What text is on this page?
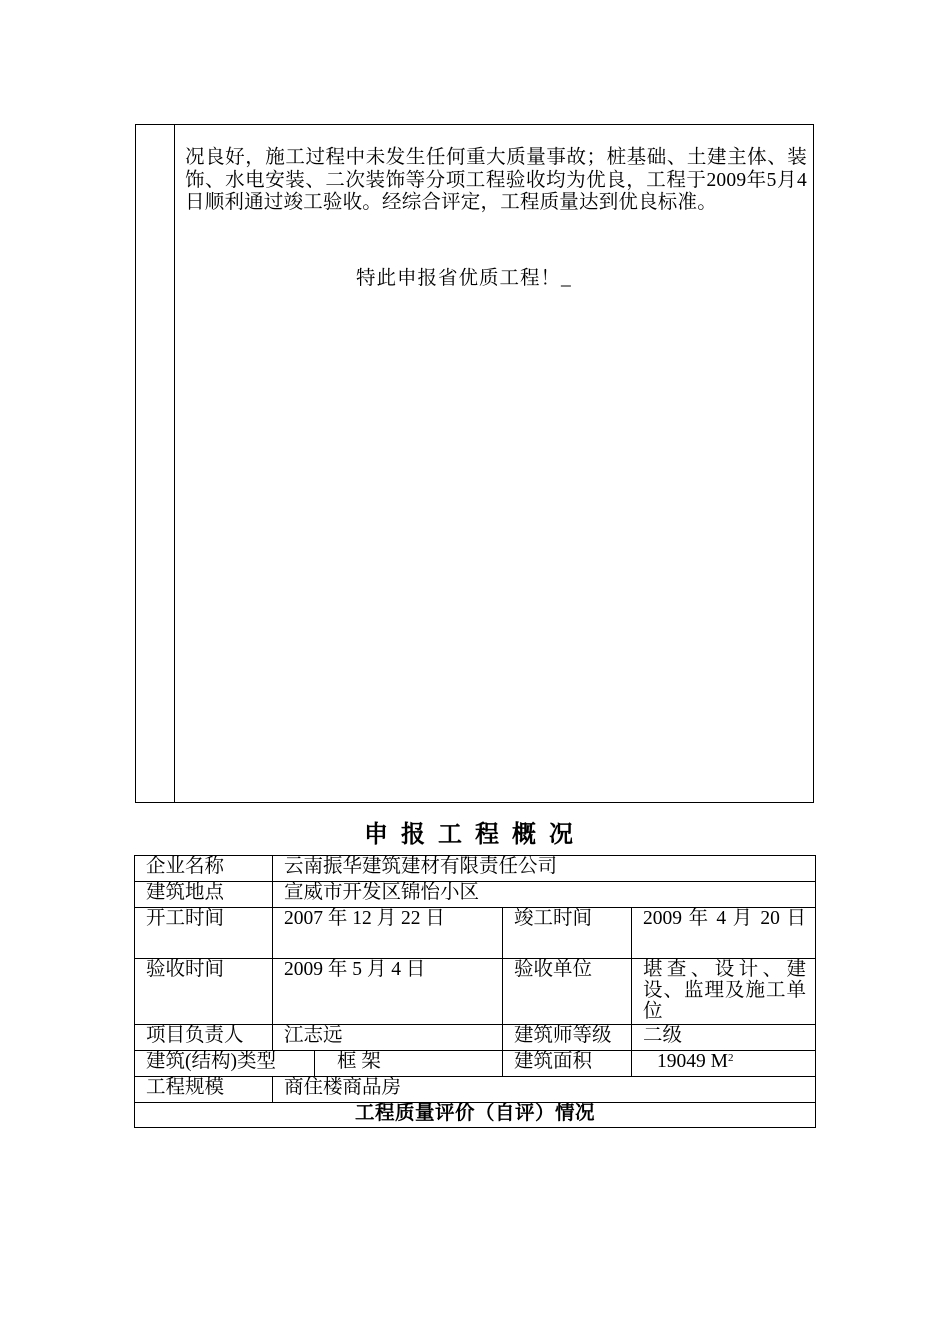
况良好，施工过程中未发生任何重大质量事故；桩基础、土建主体、装饰、水电安装、二次装饰等分项工程验收均为优良，工程于2009年5月4日顺利通过竣工验收。经综合评定，工程质量达到优良标准。
特此申报省优质工程！_
申报工程概况
企业名称	云南振华建筑建材有限责任公司			
建筑地点	宣威市开发区锦怡小区			
开工时间	2007 年 12 月 22 日		竣工时间	2009 年 4 月 20 日
验收时间	2009 年 5 月 4 日		验收单位	堪查、设计、建设、监理及施工单位
项目负责人	江志远		建筑师等级	二级
建筑(结构)类型		框 架	建筑面积	19049 $M^2$
工程规模	商住楼商品房			
工程质量评价（自评）情况				
